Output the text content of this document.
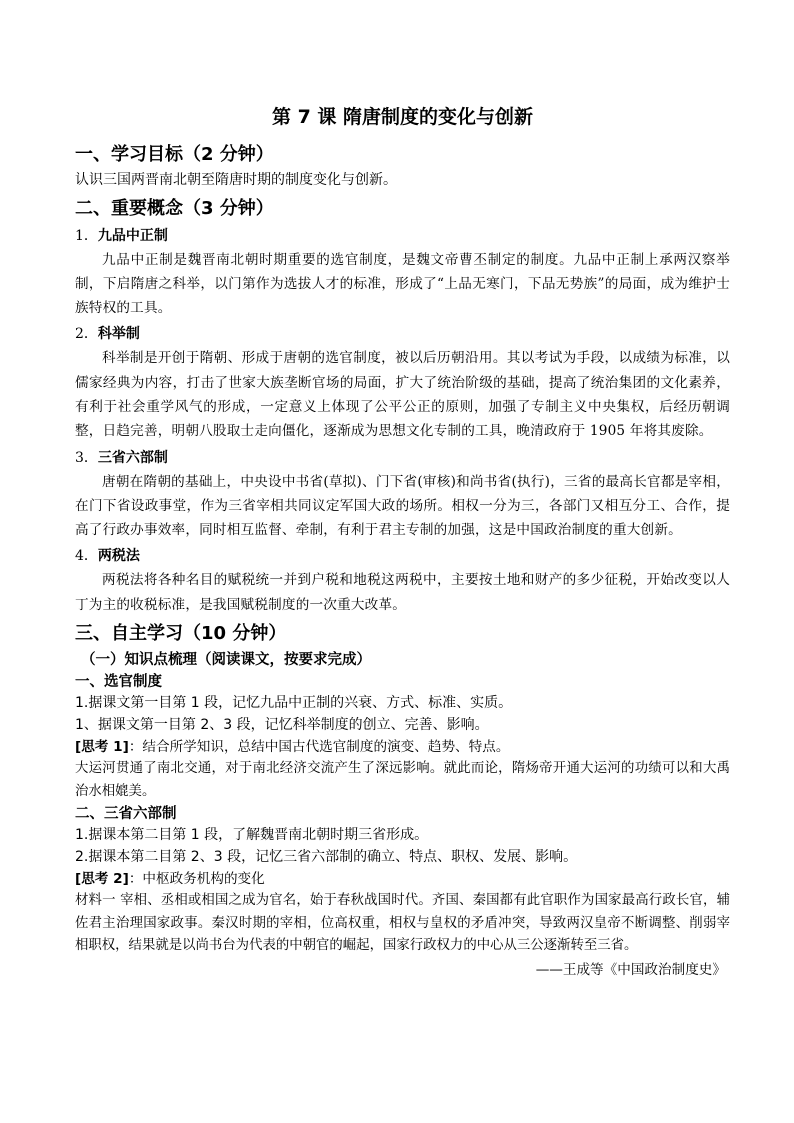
第 7 课 隋唐制度的变化与创新
一、学习目标（2 分钟）

认识三国两晋南北朝至隋唐时期的制度变化与创新。

二、重要概念（3 分钟）
1．九品中正制

九品中正制是魏晋南北朝时期重要的选官制度，是魏文帝曹丕制定的制度。九品中正制上承两汉察举制，下启隋唐之科举，以门第作为选拔人才的标准，形成了“上品无寒门，下品无势族”的局面，成为维护士族特权的工具。

2．科举制

科举制是开创于隋朝、形成于唐朝的选官制度，被以后历朝沿用。其以考试为手段，以成绩为标准，以儒家经典为内容，打击了世家大族垄断官场的局面，扩大了统治阶级的基础，提高了统治集团的文化素养，有利于社会重学风气的形成，一定意义上体现了公平公正的原则，加强了专制主义中央集权，后经历朝调整，日趋完善，明朝八股取士走向僵化，逐渐成为思想文化专制的工具，晚清政府于 1905 年将其废除。

3．三省六部制

唐朝在隋朝的基础上，中央设中书省(草拟)、门下省(审核)和尚书省(执行)，三省的最高长官都是宰相，在门下省设政事堂，作为三省宰相共同议定军国大政的场所。相权一分为三，各部门又相互分工、合作，提高了行政办事效率，同时相互监督、牵制，有利于君主专制的加强，这是中国政治制度的重大创新。

4．两税法

两税法将各种名目的赋税统一并到户税和地税这两税中，主要按土地和财产的多少征税，开始改变以人丁为主的收税标准，是我国赋税制度的一次重大改革。

三、自主学习（10 分钟）
（一）知识点梳理（阅读课文，按要求完成）
一、选官制度

1.据课文第一目第 1 段，记忆九品中正制的兴衰、方式、标准、实质。

1、据课文第一目第 2、3 段，记忆科举制度的创立、完善、影响。

[思考 1]：结合所学知识，总结中国古代选官制度的演变、趋势、特点。

大运河贯通了南北交通，对于南北经济交流产生了深远影响。就此而论，隋炀帝开通大运河的功绩可以和大禹治水相媲美。

二、三省六部制

1.据课本第二目第 1 段，了解魏晋南北朝时期三省形成。

2.据课本第二目第 2、3 段，记忆三省六部制的确立、特点、职权、发展、影响。

[思考 2]：中枢政务机构的变化

材料一 宰相、丞相或相国之成为官名，始于春秋战国时代。齐国、秦国都有此官职作为国家最高行政长官，辅佐君主治理国家政事。秦汉时期的宰相，位高权重，相权与皇权的矛盾冲突，导致两汉皇帝不断调整、削弱宰相职权，结果就是以尚书台为代表的中朝官的崛起，国家行政权力的中心从三公逐渐转至三省。

——王成等《中国政治制度史》
